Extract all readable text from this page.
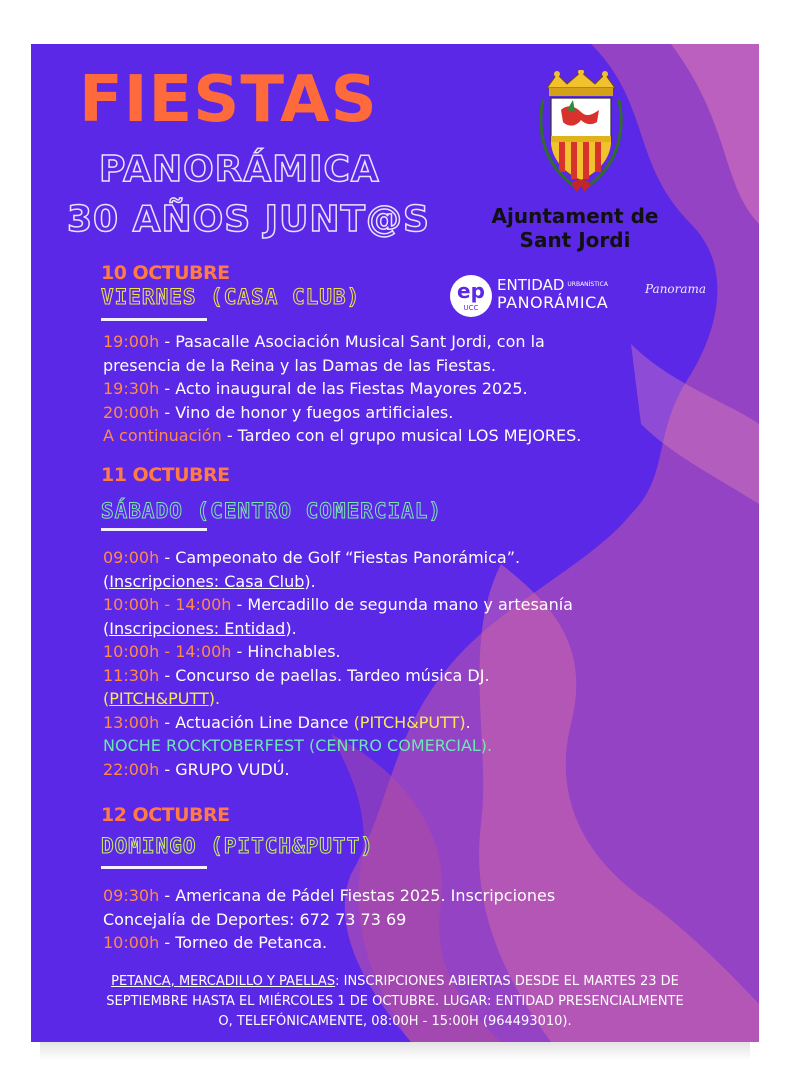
FIESTAS
PANORÁMICA
30 AÑOS JUNT@S	Ajuntament de
Sant Jordi
ep
UCC
ENTIDAD $^{URBANÍSTICA}$
PANORÁMICA
Panorama
10 OCTUBRE
VIERNES (CASA CLUB)
19:00h - Pasacalle Asociación Musical Sant Jordi, con la
presencia de la Reina y las Damas de las Fiestas.
19:30h - Acto inaugural de las Fiestas Mayores 2025.
20:00h - Vino de honor y fuegos artificiales.
A continuación - Tardeo con el grupo musical LOS MEJORES.
11 OCTUBRE
SÁBADO (CENTRO COMERCIAL)
09:00h - Campeonato de Golf “Fiestas Panorámica”.
(Inscripciones: Casa Club).
10:00h - 14:00h - Mercadillo de segunda mano y artesanía
(Inscripciones: Entidad).
10:00h - 14:00h - Hinchables.
11:30h - Concurso de paellas. Tardeo música DJ.
(PITCH&PUTT).
13:00h - Actuación Line Dance (PITCH&PUTT).
NOCHE ROCKTOBERFEST (CENTRO COMERCIAL).
22:00h - GRUPO VUDÚ.
12 OCTUBRE
DOMINGO (PITCH&PUTT)
09:30h - Americana de Pádel Fiestas 2025. Inscripciones
Concejalía de Deportes: 672 73 73 69
10:00h - Torneo de Petanca.
PETANCA, MERCADILLO Y PAELLAS: INSCRIPCIONES ABIERTAS DESDE EL MARTES 23 DE
SEPTIEMBRE HASTA EL MIÉRCOLES 1 DE OCTUBRE. LUGAR: ENTIDAD PRESENCIALMENTE
O, TELEFÓNICAMENTE, 08:00H - 15:00H (964493010).
